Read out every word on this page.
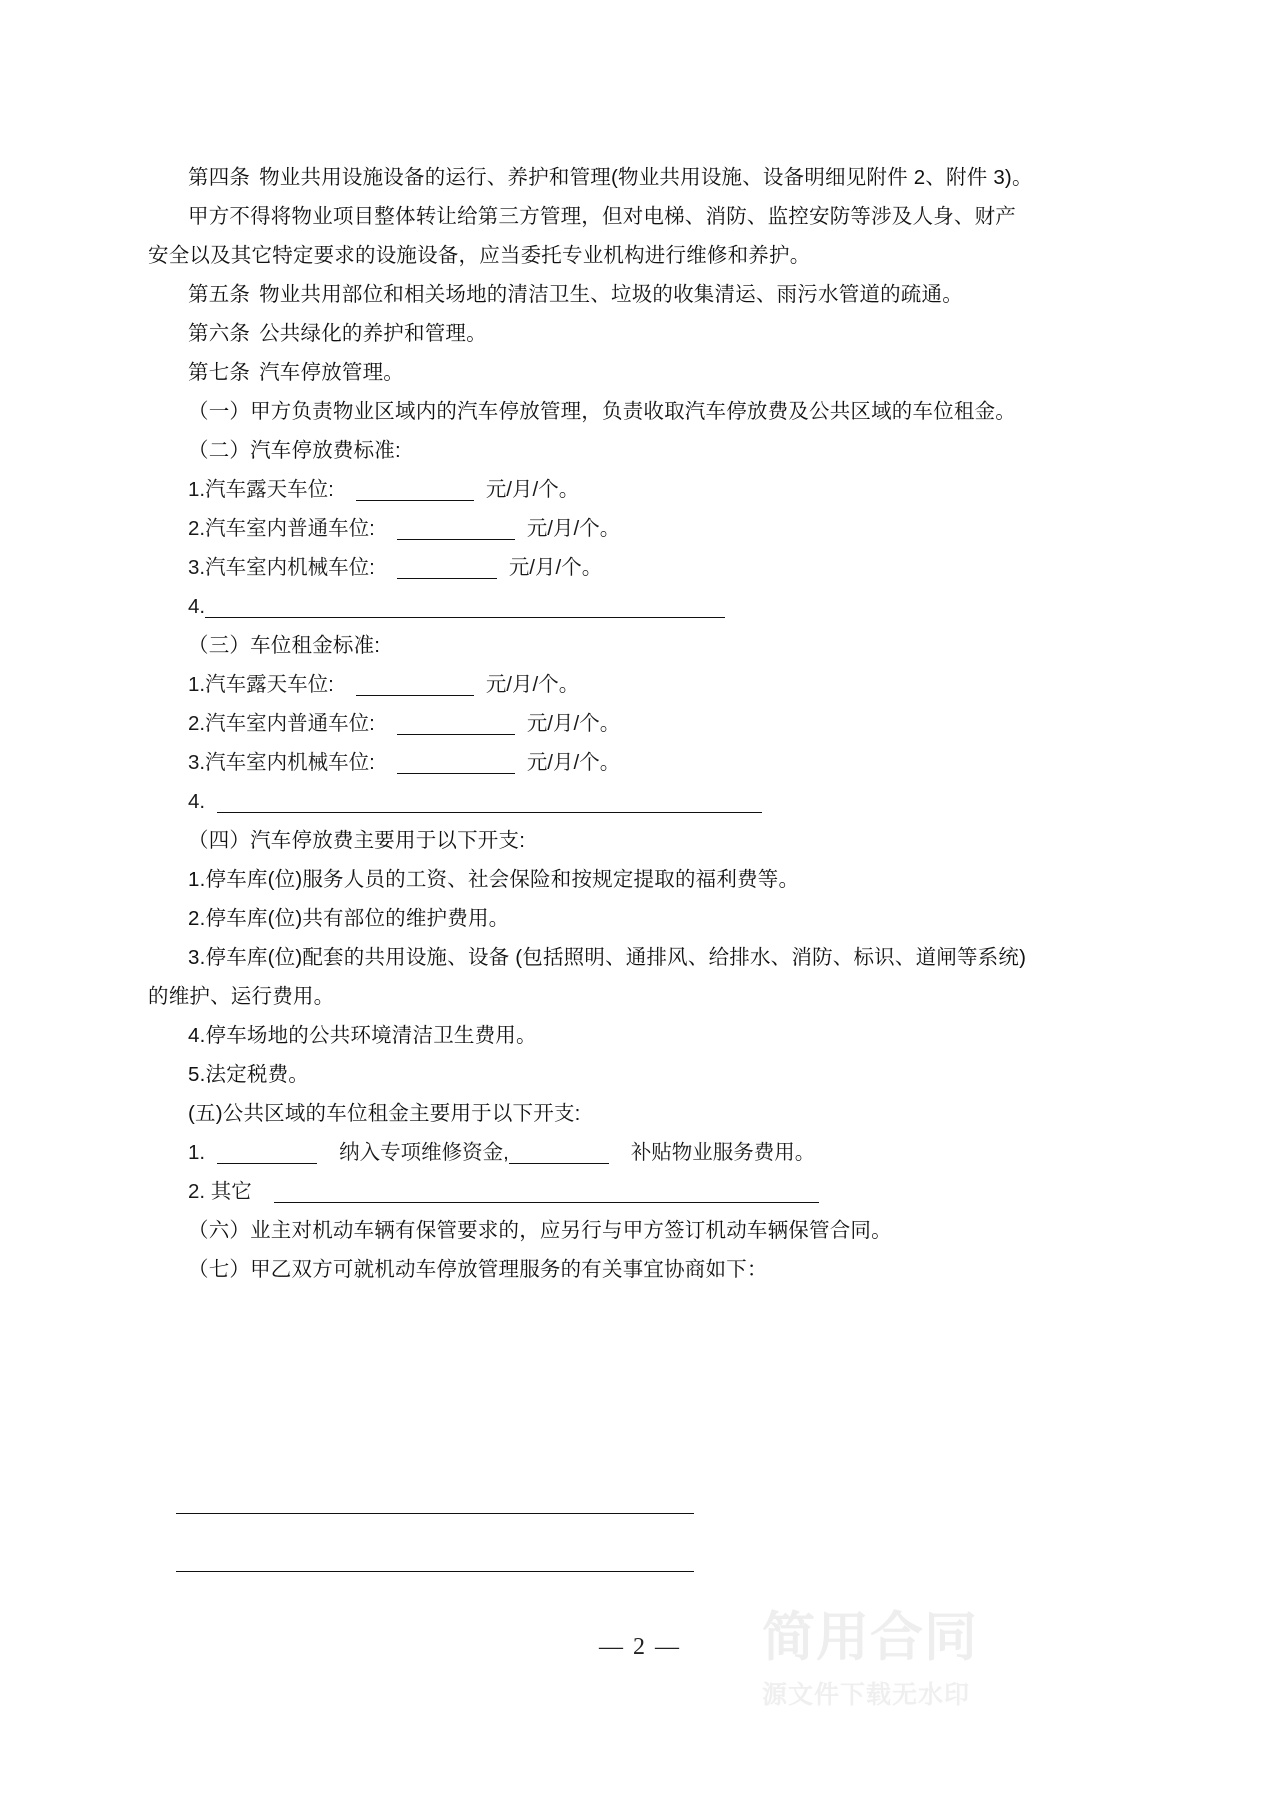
第四条 物业共用设施设备的运行、养护和管理(物业共用设施、设备明细见附件 2、附件 3)。
甲方不得将物业项目整体转让给第三方管理，但对电梯、消防、监控安防等涉及人身、财产安全以及其它特定要求的设施设备，应当委托专业机构进行维修和养护。
第五条 物业共用部位和相关场地的清洁卫生、垃圾的收集清运、雨污水管道的疏通。
第六条 公共绿化的养护和管理。
第七条 汽车停放管理。
（一）甲方负责物业区域内的汽车停放管理，负责收取汽车停放费及公共区域的车位租金。
（二）汽车停放费标准:
1.汽车露天车位:	元/月/个。
2.汽车室内普通车位:	元/月/个。
3.汽车室内机械车位:	元/月/个。
4.
（三）车位租金标准:
1.汽车露天车位:	元/月/个。
2.汽车室内普通车位:	元/月/个。
3.汽车室内机械车位:	元/月/个。
4.
（四）汽车停放费主要用于以下开支:
1.停车库(位)服务人员的工资、社会保险和按规定提取的福利费等。
2.停车库(位)共有部位的维护费用。
3.停车库(位)配套的共用设施、设备 (包括照明、通排风、给排水、消防、标识、道闸等系统)的维护、运行费用。
4.停车场地的公共环境清洁卫生费用。
5.法定税费。
(五)公共区域的车位租金主要用于以下开支:
1.	纳入专项维修资金,	补贴物业服务费用。
2. 其它
（六）业主对机动车辆有保管要求的，应另行与甲方签订机动车辆保管合同。
（七）甲乙双方可就机动车停放管理服务的有关事宜协商如下：
简用合同
源文件下载无水印
— 2 —
